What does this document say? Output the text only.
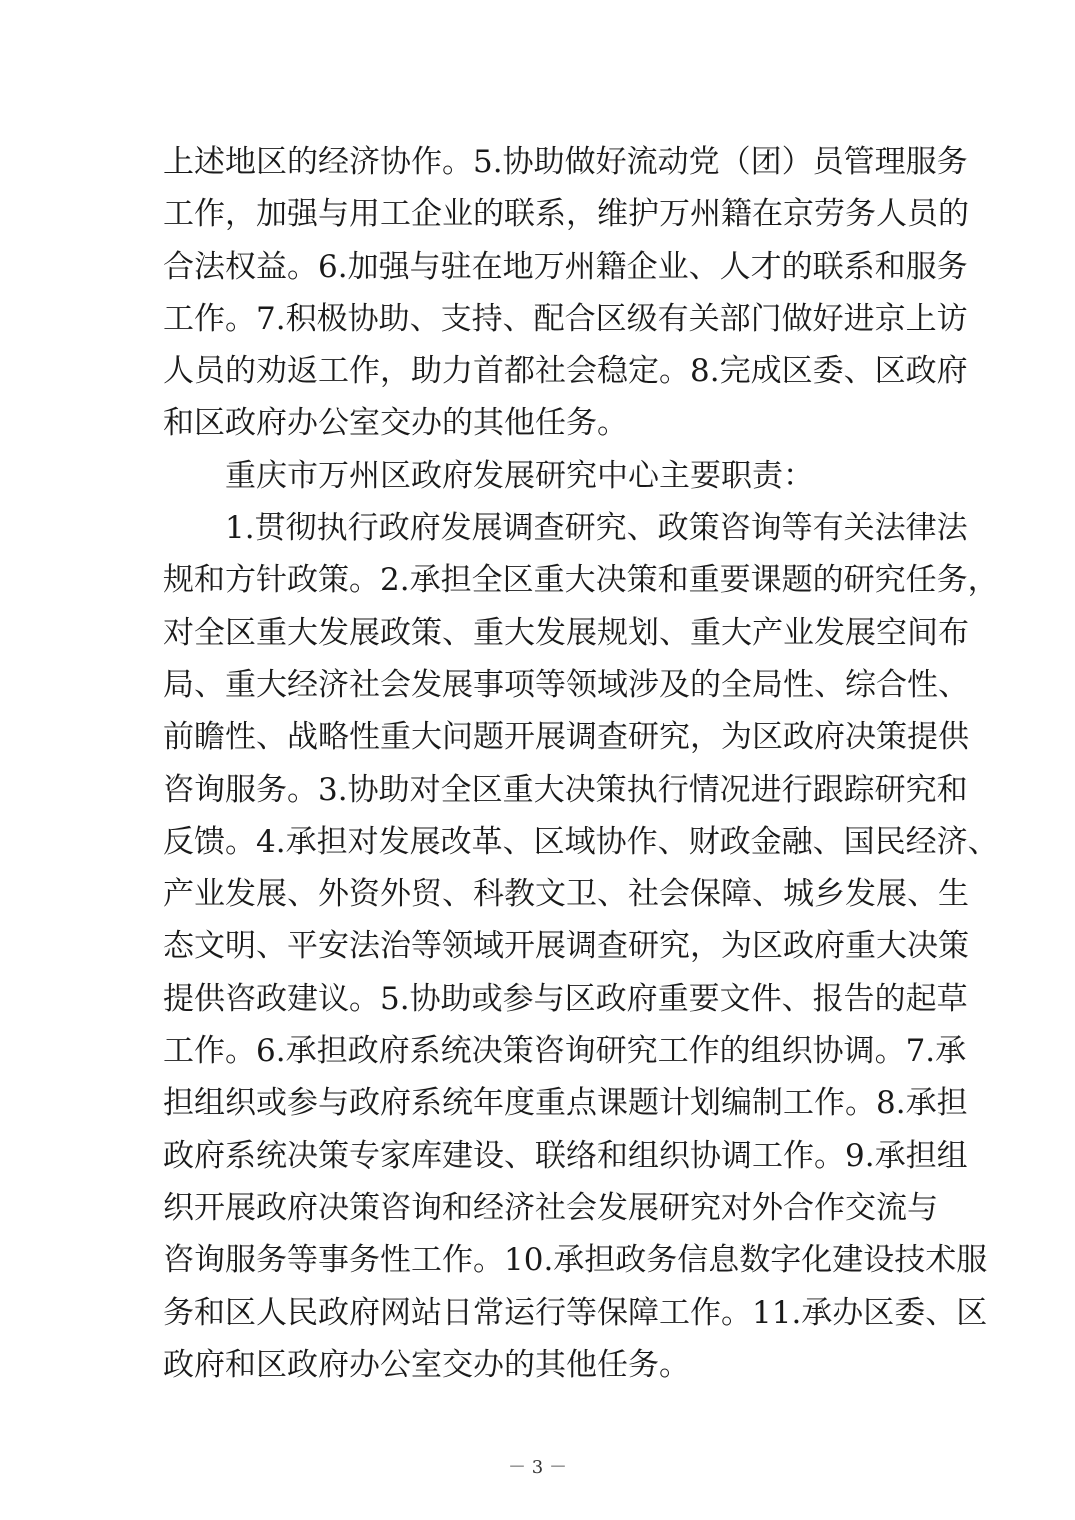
上述地区的经济协作。5.协助做好流动党（团）员管理服务
工作，加强与用工企业的联系，维护万州籍在京劳务人员的
合法权益。6.加强与驻在地万州籍企业、人才的联系和服务
工作。7.积极协助、支持、配合区级有关部门做好进京上访
人员的劝返工作，助力首都社会稳定。8.完成区委、区政府
和区政府办公室交办的其他任务。
重庆市万州区政府发展研究中心主要职责：
1.贯彻执行政府发展调查研究、政策咨询等有关法律法
规和方针政策。2.承担全区重大决策和重要课题的研究任务，
对全区重大发展政策、重大发展规划、重大产业发展空间布
局、重大经济社会发展事项等领域涉及的全局性、综合性、
前瞻性、战略性重大问题开展调查研究，为区政府决策提供
咨询服务。3.协助对全区重大决策执行情况进行跟踪研究和
反馈。4.承担对发展改革、区域协作、财政金融、国民经济、
产业发展、外资外贸、科教文卫、社会保障、城乡发展、生
态文明、平安法治等领域开展调查研究，为区政府重大决策
提供咨政建议。5.协助或参与区政府重要文件、报告的起草
工作。6.承担政府系统决策咨询研究工作的组织协调。7.承
担组织或参与政府系统年度重点课题计划编制工作。8.承担
政府系统决策专家库建设、联络和组织协调工作。9.承担组
织开展政府决策咨询和经济社会发展研究对外合作交流与
咨询服务等事务性工作。10.承担政务信息数字化建设技术服
务和区人民政府网站日常运行等保障工作。11.承办区委、区
政府和区政府办公室交办的其他任务。
－ 3 －
